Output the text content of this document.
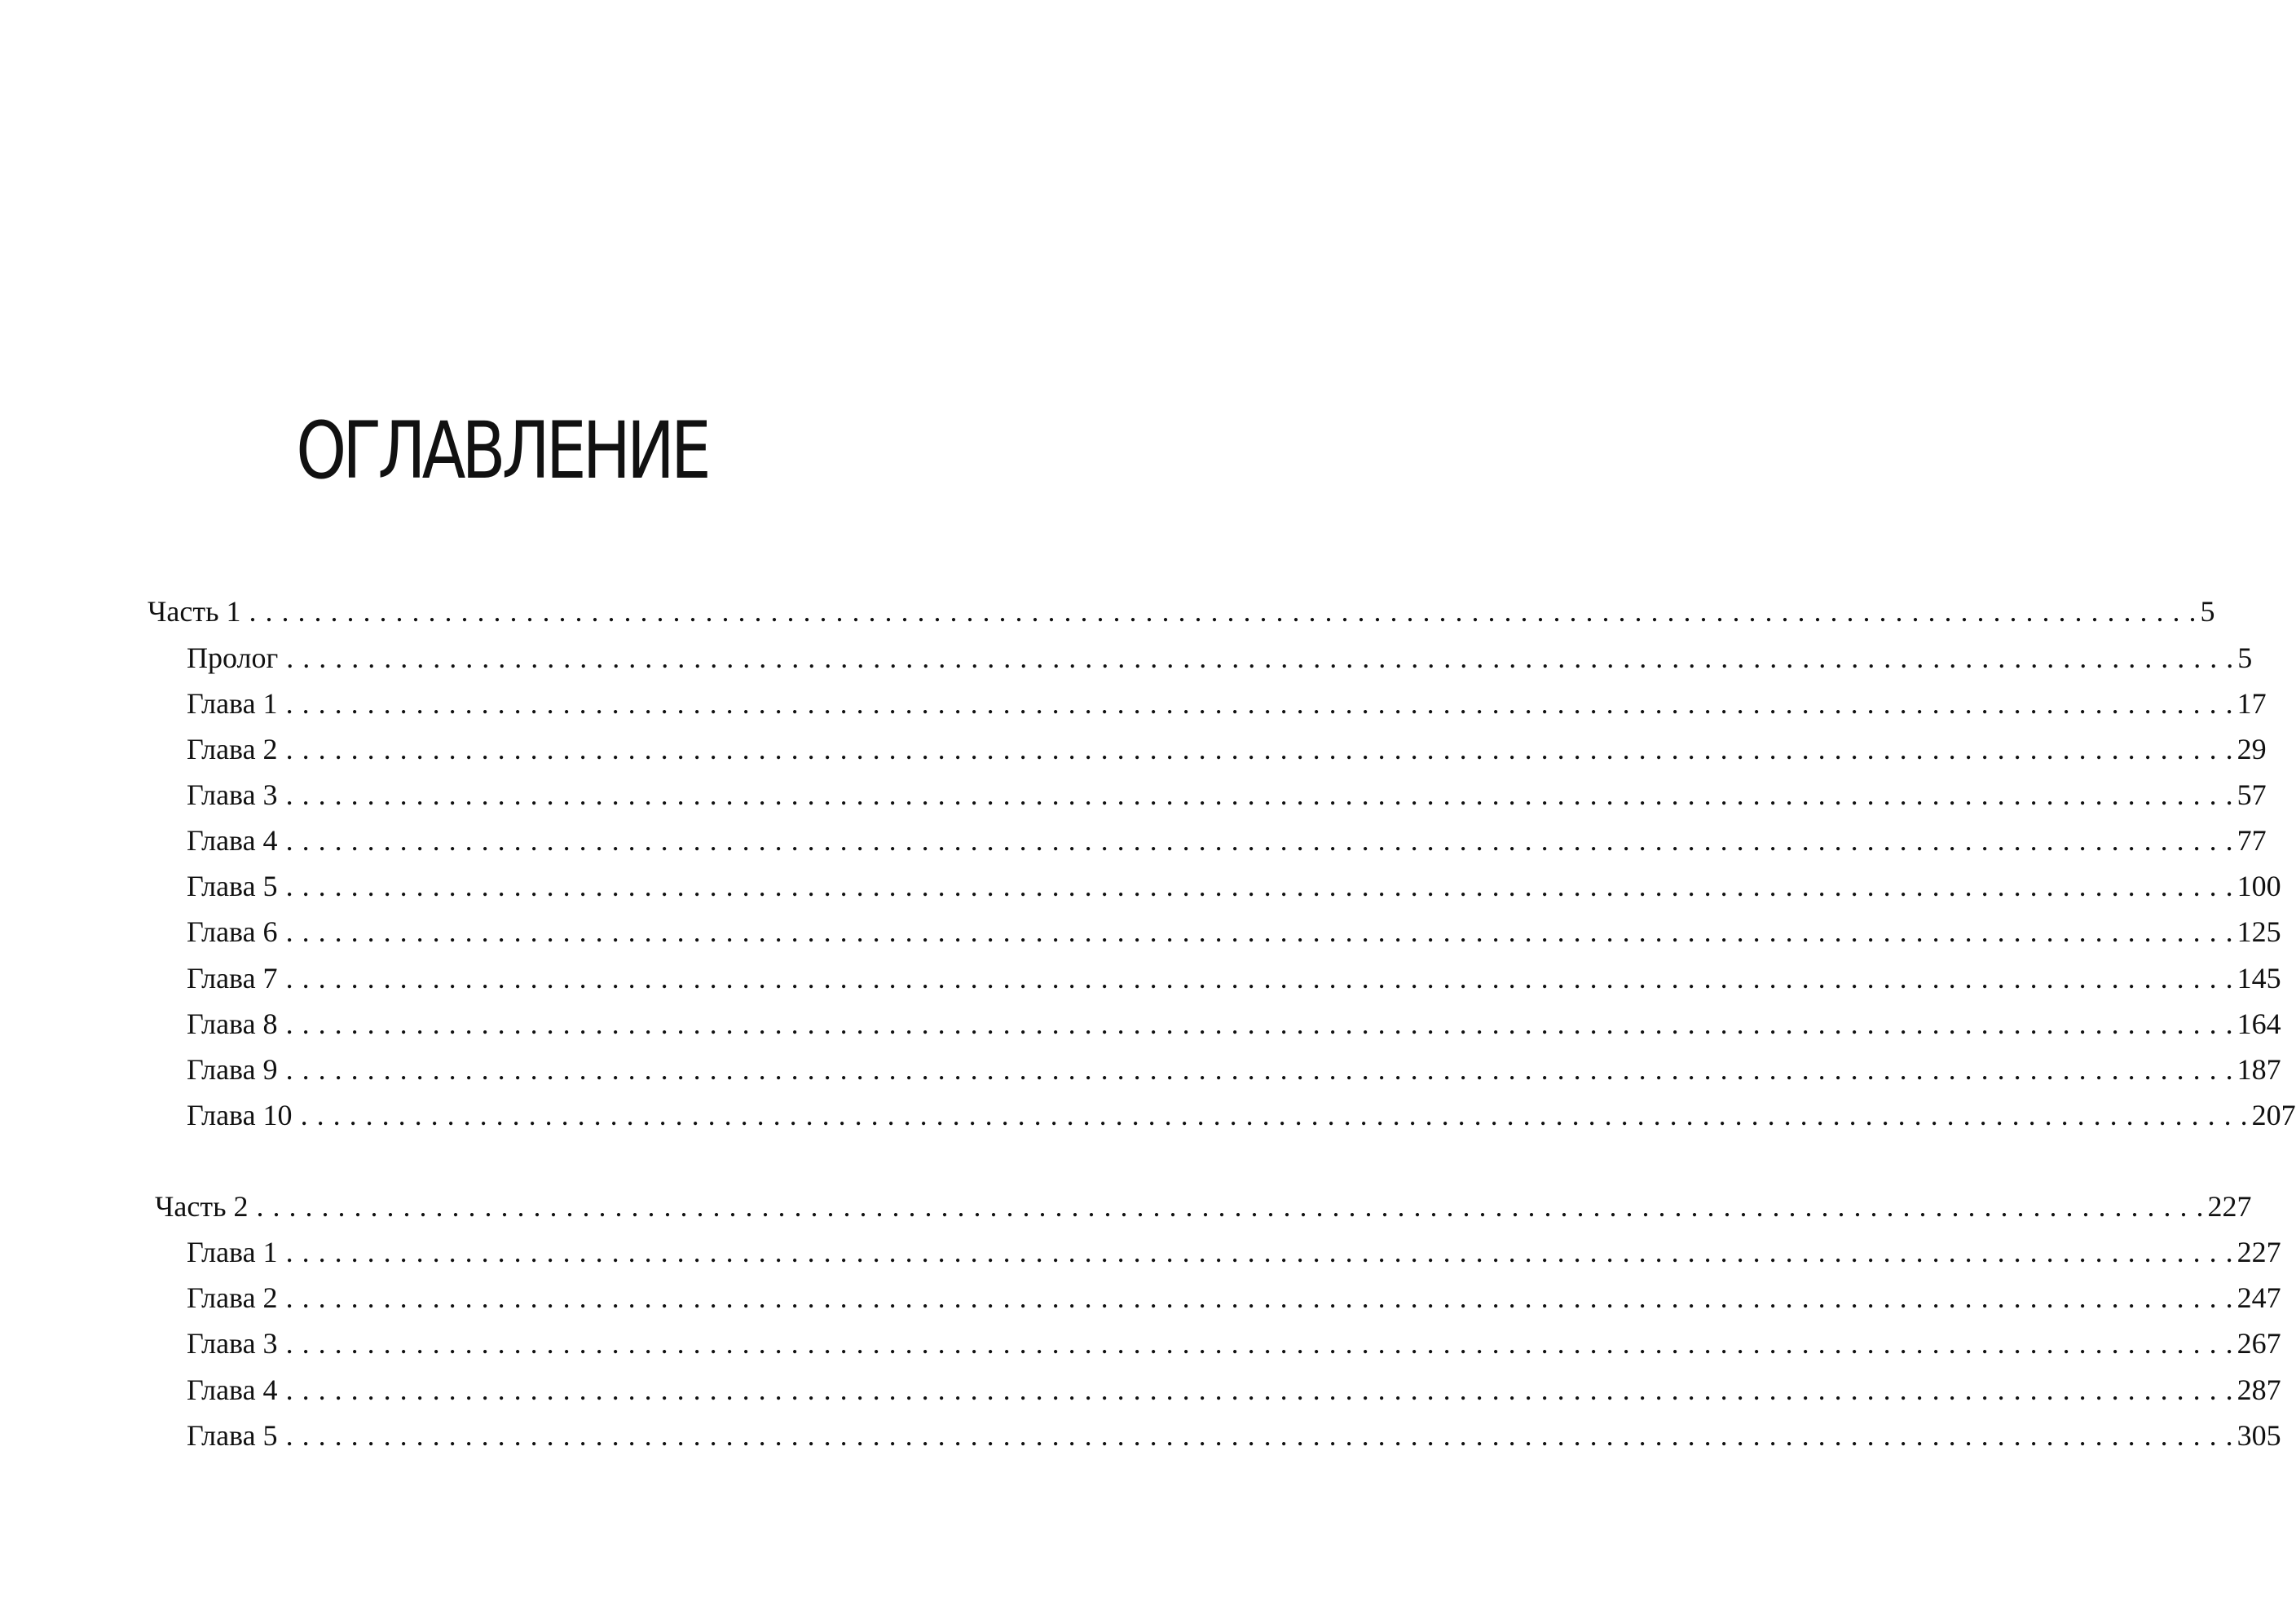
ОГЛАВЛЕНИЕ
Часть 1 . . . . . . . . . . . . . . . . . . . . . . . . . . . . . . . . . . . . . . . . . . . . . . . . . . . . . . . . . . . . . . . . . . . . . . . . . . . . . . . . . . . . . . . . . . . . . . . . . . . . . . . . . . . . . . . . . . . . . . . . 5
Пролог . . . . . . . . . . . . . . . . . . . . . . . . . . . . . . . . . . . . . . . . . . . . . . . . . . . . . . . . . . . . . . . . . . . . . . . . . . . . . . . . . . . . . . . . . . . . . . . . . . . . . . . . . . . . . . . . . . . . . . . . 5
Глава 1 . . . . . . . . . . . . . . . . . . . . . . . . . . . . . . . . . . . . . . . . . . . . . . . . . . . . . . . . . . . . . . . . . . . . . . . . . . . . . . . . . . . . . . . . . . . . . . . . . . . . . . . . . . . . . . . . . . . . . . . . 17
Глава 2 . . . . . . . . . . . . . . . . . . . . . . . . . . . . . . . . . . . . . . . . . . . . . . . . . . . . . . . . . . . . . . . . . . . . . . . . . . . . . . . . . . . . . . . . . . . . . . . . . . . . . . . . . . . . . . . . . . . . . . . . 29
Глава 3 . . . . . . . . . . . . . . . . . . . . . . . . . . . . . . . . . . . . . . . . . . . . . . . . . . . . . . . . . . . . . . . . . . . . . . . . . . . . . . . . . . . . . . . . . . . . . . . . . . . . . . . . . . . . . . . . . . . . . . . . 57
Глава 4 . . . . . . . . . . . . . . . . . . . . . . . . . . . . . . . . . . . . . . . . . . . . . . . . . . . . . . . . . . . . . . . . . . . . . . . . . . . . . . . . . . . . . . . . . . . . . . . . . . . . . . . . . . . . . . . . . . . . . . . . 77
Глава 5 . . . . . . . . . . . . . . . . . . . . . . . . . . . . . . . . . . . . . . . . . . . . . . . . . . . . . . . . . . . . . . . . . . . . . . . . . . . . . . . . . . . . . . . . . . . . . . . . . . . . . . . . . . . . . . . . . . . . . . . . 100
Глава 6 . . . . . . . . . . . . . . . . . . . . . . . . . . . . . . . . . . . . . . . . . . . . . . . . . . . . . . . . . . . . . . . . . . . . . . . . . . . . . . . . . . . . . . . . . . . . . . . . . . . . . . . . . . . . . . . . . . . . . . . . 125
Глава 7 . . . . . . . . . . . . . . . . . . . . . . . . . . . . . . . . . . . . . . . . . . . . . . . . . . . . . . . . . . . . . . . . . . . . . . . . . . . . . . . . . . . . . . . . . . . . . . . . . . . . . . . . . . . . . . . . . . . . . . . . 145
Глава 8 . . . . . . . . . . . . . . . . . . . . . . . . . . . . . . . . . . . . . . . . . . . . . . . . . . . . . . . . . . . . . . . . . . . . . . . . . . . . . . . . . . . . . . . . . . . . . . . . . . . . . . . . . . . . . . . . . . . . . . . . 164
Глава 9 . . . . . . . . . . . . . . . . . . . . . . . . . . . . . . . . . . . . . . . . . . . . . . . . . . . . . . . . . . . . . . . . . . . . . . . . . . . . . . . . . . . . . . . . . . . . . . . . . . . . . . . . . . . . . . . . . . . . . . . . 187
Глава 10 . . . . . . . . . . . . . . . . . . . . . . . . . . . . . . . . . . . . . . . . . . . . . . . . . . . . . . . . . . . . . . . . . . . . . . . . . . . . . . . . . . . . . . . . . . . . . . . . . . . . . . . . . . . . . . . . . . . . . . . . 207
Часть 2 . . . . . . . . . . . . . . . . . . . . . . . . . . . . . . . . . . . . . . . . . . . . . . . . . . . . . . . . . . . . . . . . . . . . . . . . . . . . . . . . . . . . . . . . . . . . . . . . . . . . . . . . . . . . . . . . . . . . . . . . 227
Глава 1 . . . . . . . . . . . . . . . . . . . . . . . . . . . . . . . . . . . . . . . . . . . . . . . . . . . . . . . . . . . . . . . . . . . . . . . . . . . . . . . . . . . . . . . . . . . . . . . . . . . . . . . . . . . . . . . . . . . . . . . . 227
Глава 2 . . . . . . . . . . . . . . . . . . . . . . . . . . . . . . . . . . . . . . . . . . . . . . . . . . . . . . . . . . . . . . . . . . . . . . . . . . . . . . . . . . . . . . . . . . . . . . . . . . . . . . . . . . . . . . . . . . . . . . . . 247
Глава 3 . . . . . . . . . . . . . . . . . . . . . . . . . . . . . . . . . . . . . . . . . . . . . . . . . . . . . . . . . . . . . . . . . . . . . . . . . . . . . . . . . . . . . . . . . . . . . . . . . . . . . . . . . . . . . . . . . . . . . . . . 267
Глава 4 . . . . . . . . . . . . . . . . . . . . . . . . . . . . . . . . . . . . . . . . . . . . . . . . . . . . . . . . . . . . . . . . . . . . . . . . . . . . . . . . . . . . . . . . . . . . . . . . . . . . . . . . . . . . . . . . . . . . . . . . 287
Глава 5 . . . . . . . . . . . . . . . . . . . . . . . . . . . . . . . . . . . . . . . . . . . . . . . . . . . . . . . . . . . . . . . . . . . . . . . . . . . . . . . . . . . . . . . . . . . . . . . . . . . . . . . . . . . . . . . . . . . . . . . . 305
